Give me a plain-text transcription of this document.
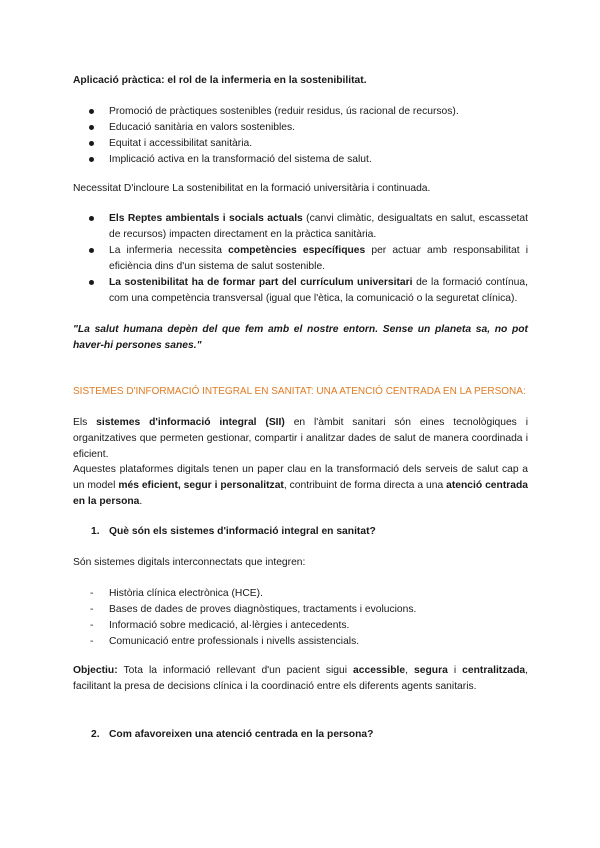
Aplicació pràctica: el rol de la infermeria en la sostenibilitat.
Promoció de pràctiques sostenibles (reduir residus, ús racional de recursos).
Educació sanitària en valors sostenibles.
Equitat i accessibilitat sanitària.
Implicació activa en la transformació del sistema de salut.
Necessitat D'incloure La sostenibilitat en la formació universitària i continuada.
Els Reptes ambientals i socials actuals (canvi climàtic, desigualtats en salut, escassetat de recursos) impacten directament en la pràctica sanitària.
La infermeria necessita competències específiques per actuar amb responsabilitat i eficiència dins d'un sistema de salut sostenible.
La sostenibilitat ha de formar part del currículum universitari de la formació contínua, com una competència transversal (igual que l'ètica, la comunicació o la seguretat clínica).
"La salut humana depèn del que fem amb el nostre entorn. Sense un planeta sa, no pot haver-hi persones sanes."
SISTEMES D'INFORMACIÓ INTEGRAL EN SANITAT: UNA ATENCIÓ CENTRADA EN LA PERSONA:
Els sistemes d'informació integral (SII) en l'àmbit sanitari són eines tecnològiques i organitzatives que permeten gestionar, compartir i analitzar dades de salut de manera coordinada i eficient.
Aquestes plataformes digitals tenen un paper clau en la transformació dels serveis de salut cap a un model més eficient, segur i personalitzat, contribuint de forma directa a una atenció centrada en la persona.
1. Què són els sistemes d'informació integral en sanitat?
Són sistemes digitals interconnectats que integren:
- Història clínica electrònica (HCE).
- Bases de dades de proves diagnòstiques, tractaments i evolucions.
- Informació sobre medicació, al·lèrgies i antecedents.
- Comunicació entre professionals i nivells assistencials.
Objectiu: Tota la informació rellevant d'un pacient sigui accessible, segura i centralitzada, facilitant la presa de decisions clínica i la coordinació entre els diferents agents sanitaris.
2. Com afavoreixen una atenció centrada en la persona?
